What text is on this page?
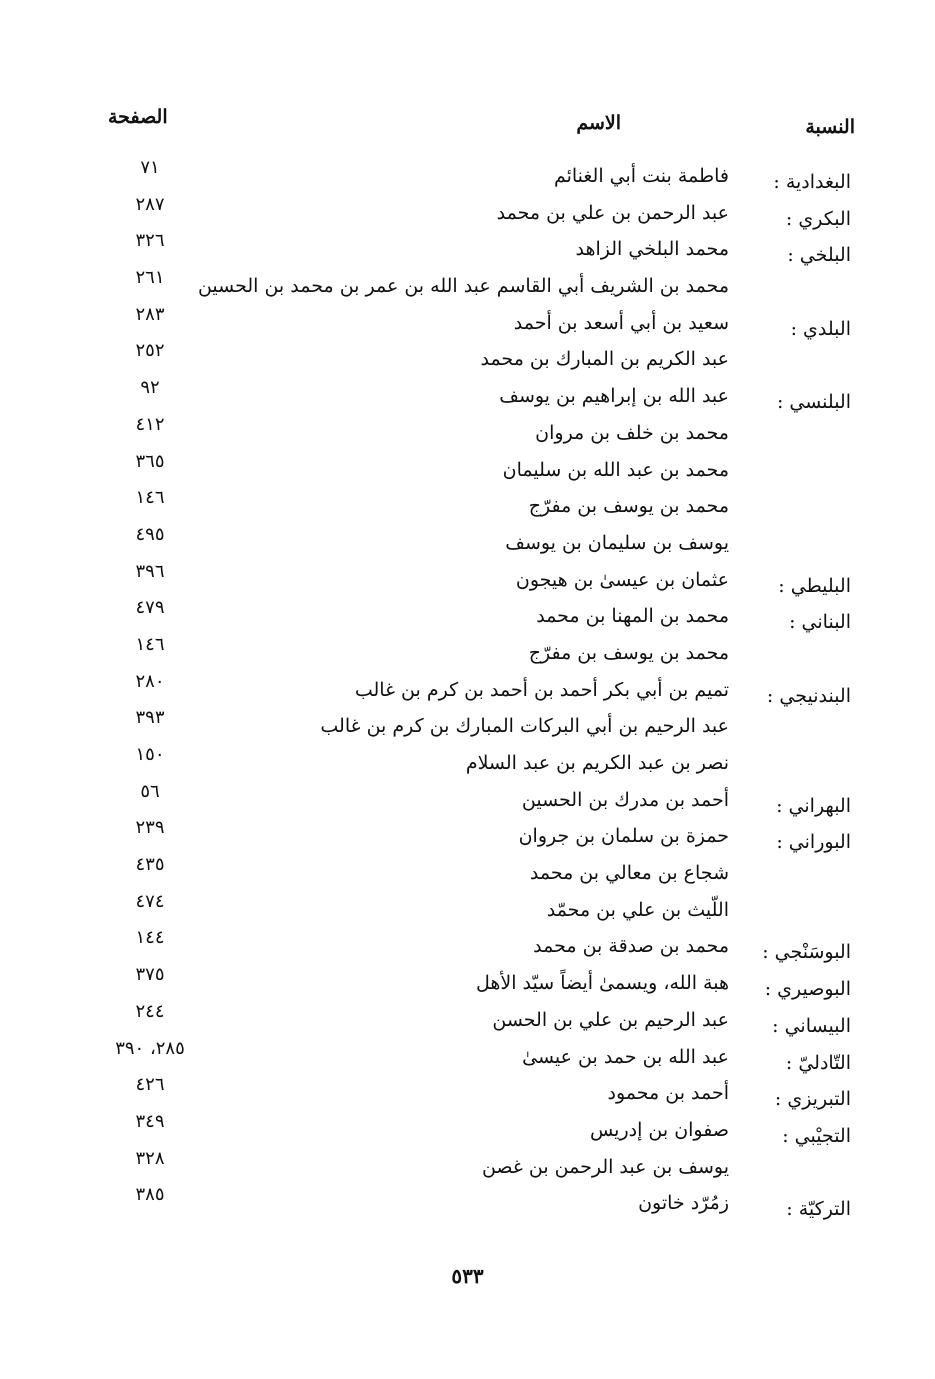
النسبة
الاسم
الصفحة
البغدادية :
فاطمة بنت أبي الغنائم
٧١
البكري :
عبد الرحمن بن علي بن محمد
٢٨٧
البلخي :
محمد البلخي الزاهد
٣٢٦
محمد بن الشريف أبي القاسم عبد الله بن عمر بن محمد بن الحسين
٢٦١
البلدي :
سعيد بن أبي أسعد بن أحمد
٢٨٣
عبد الكريم بن المبارك بن محمد
٢٥٢
البلنسي :
عبد الله بن إبراهيم بن يوسف
٩٢
محمد بن خلف بن مروان
٤١٢
محمد بن عبد الله بن سليمان
٣٦٥
محمد بن يوسف بن مفرّج
١٤٦
يوسف بن سليمان بن يوسف
٤٩٥
البليطي :
عثمان بن عيسىٰ بن هيجون
٣٩٦
البناني :
محمد بن المهنا بن محمد
٤٧٩
محمد بن يوسف بن مفرّج
١٤٦
البندنيجي :
تميم بن أبي بكر أحمد بن أحمد بن كرم بن غالب
٢٨٠
عبد الرحيم بن أبي البركات المبارك بن كرم بن غالب
٣٩٣
نصر بن عبد الكريم بن عبد السلام
١٥٠
البهراني :
أحمد بن مدرك بن الحسين
٥٦
البوراني :
حمزة بن سلمان بن جروان
٢٣٩
شجاع بن معالي بن محمد
٤٣٥
اللّيث بن علي بن محمّد
٤٧٤
البوسَنْجي :
محمد بن صدقة بن محمد
١٤٤
البوصيري :
هبة الله، ويسمىٰ أيضاً سيّد الأهل
٣٧٥
البيساني :
عبد الرحيم بن علي بن الحسن
٢٤٤
التّادليّ :
عبد الله بن حمد بن عيسىٰ
٢٨٥، ٣٩٠
التبريزي :
أحمد بن محمود
٤٢٦
التجيْبي :
صفوان بن إدريس
٣٤٩
يوسف بن عبد الرحمن بن غصن
٣٢٨
التركيّة :
زمُرّد خاتون
٣٨٥
٥٣٣
